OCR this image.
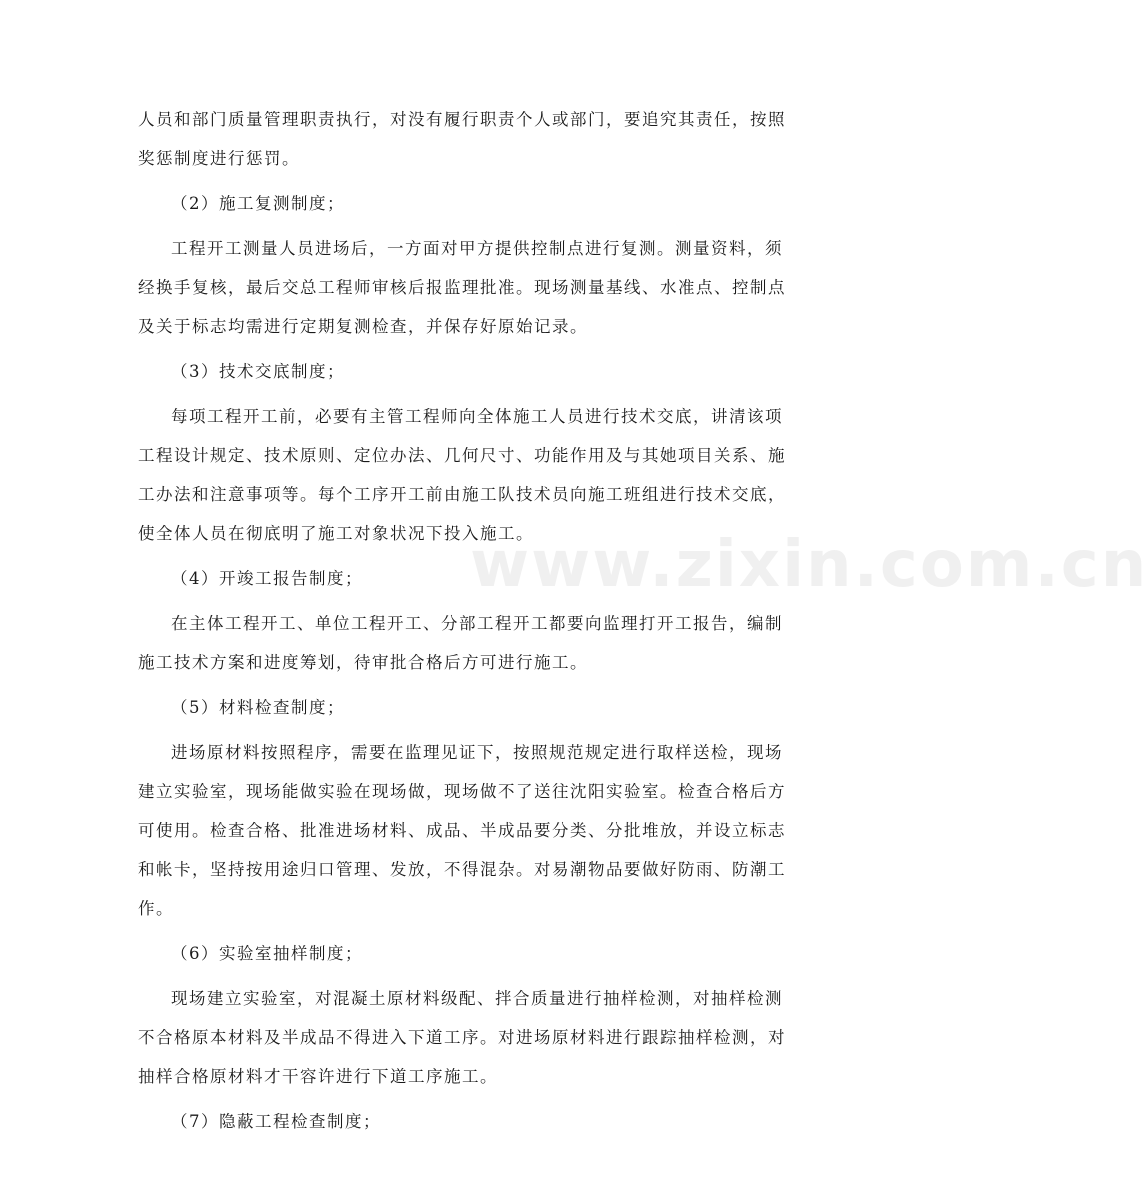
www.zixin.com.cn
人员和部门质量管理职责执行，对没有履行职责个人或部门，要追究其责任，按照
奖惩制度进行惩罚。
（2）施工复测制度；
工程开工测量人员进场后，一方面对甲方提供控制点进行复测。测量资料，须
经换手复核，最后交总工程师审核后报监理批准。现场测量基线、水准点、控制点
及关于标志均需进行定期复测检查，并保存好原始记录。
（3）技术交底制度；
每项工程开工前，必要有主管工程师向全体施工人员进行技术交底，讲清该项
工程设计规定、技术原则、定位办法、几何尺寸、功能作用及与其她项目关系、施
工办法和注意事项等。每个工序开工前由施工队技术员向施工班组进行技术交底，
使全体人员在彻底明了施工对象状况下投入施工。
（4）开竣工报告制度；
在主体工程开工、单位工程开工、分部工程开工都要向监理打开工报告，编制
施工技术方案和进度筹划，待审批合格后方可进行施工。
（5）材料检查制度；
进场原材料按照程序，需要在监理见证下，按照规范规定进行取样送检，现场
建立实验室，现场能做实验在现场做，现场做不了送往沈阳实验室。检查合格后方
可使用。检查合格、批准进场材料、成品、半成品要分类、分批堆放，并设立标志
和帐卡，坚持按用途归口管理、发放，不得混杂。对易潮物品要做好防雨、防潮工
作。
（6）实验室抽样制度；
现场建立实验室，对混凝土原材料级配、拌合质量进行抽样检测，对抽样检测
不合格原本材料及半成品不得进入下道工序。对进场原材料进行跟踪抽样检测，对
抽样合格原材料才干容许进行下道工序施工。
（7）隐蔽工程检查制度；
